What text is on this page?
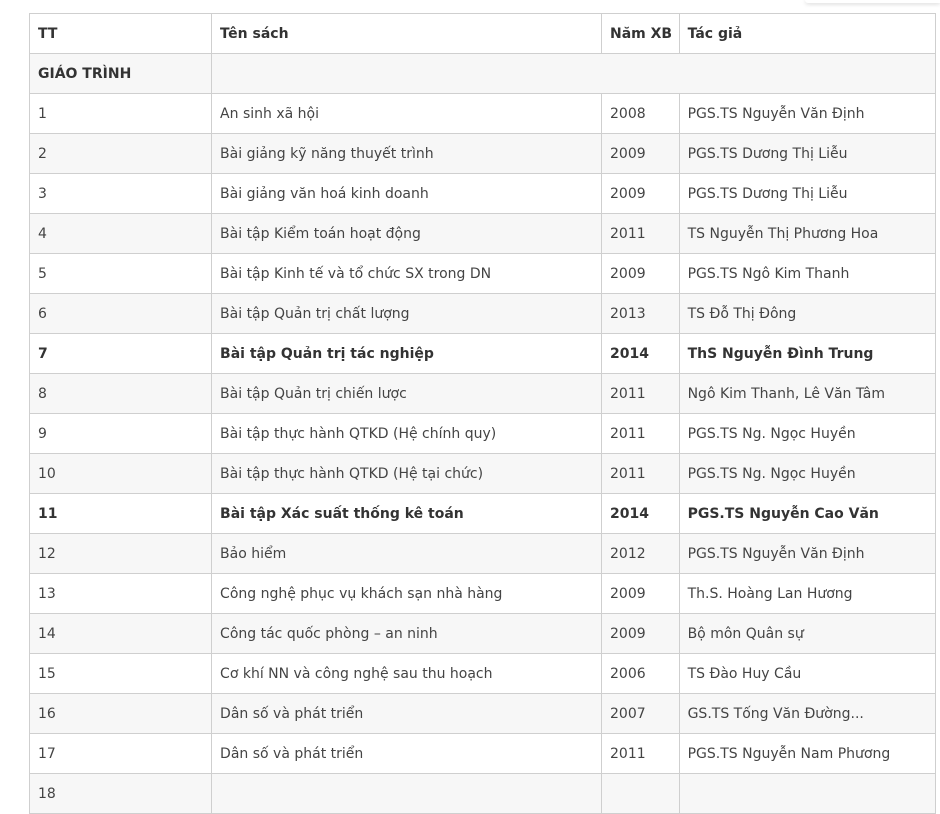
TT	Tên sách	Năm XB	Tác giả
GIÁO TRÌNH			
1	An sinh xã hội	2008	PGS.TS Nguyễn Văn Định
2	Bài giảng kỹ năng thuyết trình	2009	PGS.TS Dương Thị Liễu
3	Bài giảng văn hoá kinh doanh	2009	PGS.TS Dương Thị Liễu
4	Bài tập Kiểm toán hoạt động	2011	TS Nguyễn Thị Phương Hoa
5	Bài tập Kinh tế và tổ chức SX trong DN	2009	PGS.TS Ngô Kim Thanh
6	Bài tập Quản trị chất lượng	2013	TS Đỗ Thị Đông
7	Bài tập Quản trị tác nghiệp	2014	ThS Nguyễn Đình Trung
8	Bài tập Quản trị chiến lược	2011	Ngô Kim Thanh, Lê Văn Tâm
9	Bài tập thực hành QTKD (Hệ chính quy)	2011	PGS.TS Ng. Ngọc Huyền
10	Bài tập thực hành QTKD (Hệ tại chức)	2011	PGS.TS Ng. Ngọc Huyền
11	Bài tập Xác suất thống kê toán	2014	PGS.TS Nguyễn Cao Văn
12	Bảo hiểm	2012	PGS.TS Nguyễn Văn Định
13	Công nghệ phục vụ khách sạn nhà hàng	2009	Th.S. Hoàng Lan Hương
14	Công tác quốc phòng – an ninh	2009	Bộ môn Quân sự
15	Cơ khí NN và công nghệ sau thu hoạch	2006	TS Đào Huy Cầu
16	Dân số và phát triển	2007	GS.TS Tống Văn Đường...
17	Dân số và phát triển	2011	PGS.TS Nguyễn Nam Phương
18			
